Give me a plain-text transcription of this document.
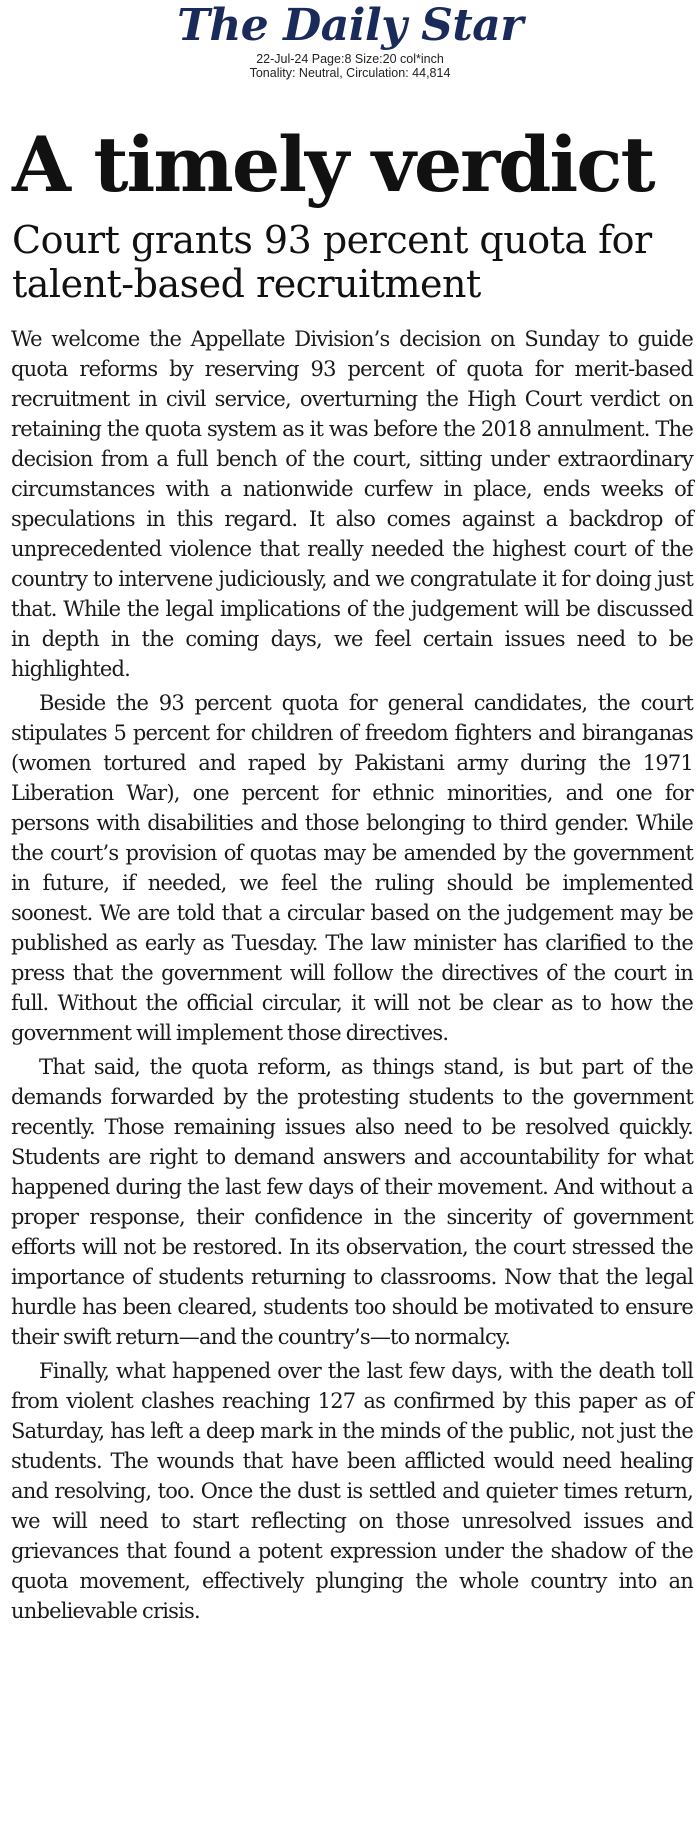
The Daily Star
22-Jul-24 Page:8 Size:20 col*inch
Tonality: Neutral, Circulation: 44,814
A timely verdict
Court grants 93 percent quota for talent-based recruitment

We welcome the Appellate Division’s decision on Sunday to guide quota reforms by reserving 93 percent of quota for merit-based recruitment in civil service, overturning the High Court verdict on retaining the quota system as it was before the 2018 annulment. The decision from a full bench of the court, sitting under extraordinary circumstances with a nationwide curfew in place, ends weeks of speculations in this regard. It also comes against a backdrop of unprecedented violence that really needed the highest court of the country to intervene judiciously, and we congratulate it for doing just that. While the legal implications of the judgement will be discussed in depth in the coming days, we feel certain issues need to be highlighted.

Beside the 93 percent quota for general candidates, the court stipulates 5 percent for children of freedom fighters and biranganas (women tortured and raped by Pakistani army during the 1971 Liberation War), one percent for ethnic minorities, and one for persons with disabilities and those belonging to third gender. While the court’s provision of quotas may be amended by the government in future, if needed, we feel the ruling should be implemented soonest. We are told that a circular based on the judgement may be published as early as Tuesday. The law minister has clarified to the press that the government will follow the directives of the court in full. Without the official circular, it will not be clear as to how the government will implement those directives.

That said, the quota reform, as things stand, is but part of the demands forwarded by the protesting students to the government recently. Those remaining issues also need to be resolved quickly. Students are right to demand answers and accountability for what happened during the last few days of their movement. And without a proper response, their confidence in the sincerity of government efforts will not be restored. In its observation, the court stressed the importance of students returning to classrooms. Now that the legal hurdle has been cleared, students too should be motivated to ensure their swift return—and the country’s—to normalcy.

Finally, what happened over the last few days, with the death toll from violent clashes reaching 127 as confirmed by this paper as of Saturday, has left a deep mark in the minds of the public, not just the students. The wounds that have been afflicted would need healing and resolving, too. Once the dust is settled and quieter times return, we will need to start reflecting on those unresolved issues and grievances that found a potent expression under the shadow of the quota movement, effectively plunging the whole country into an unbelievable crisis.
